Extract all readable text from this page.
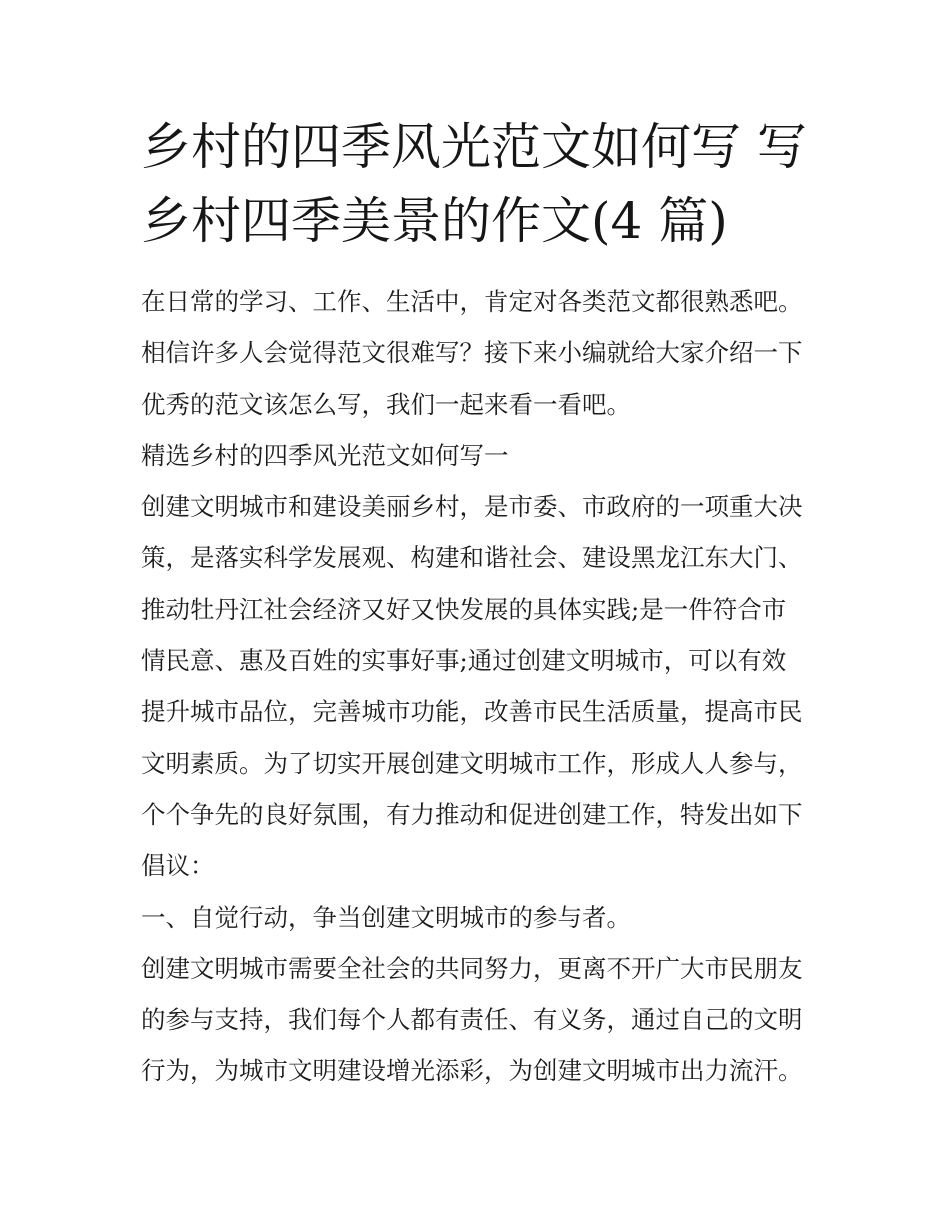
乡村的四季风光范文如何写 写
乡村四季美景的作文(4 篇)
在日常的学习、工作、生活中，肯定对各类范文都很熟悉吧。
相信许多人会觉得范文很难写？接下来小编就给大家介绍一下
优秀的范文该怎么写，我们一起来看一看吧。
精选乡村的四季风光范文如何写一
创建文明城市和建设美丽乡村，是市委、市政府的一项重大决
策，是落实科学发展观、构建和谐社会、建设黑龙江东大门、
推动牡丹江社会经济又好又快发展的具体实践;是一件符合市
情民意、惠及百姓的实事好事;通过创建文明城市，可以有效
提升城市品位，完善城市功能，改善市民生活质量，提高市民
文明素质。为了切实开展创建文明城市工作，形成人人参与，
个个争先的良好氛围，有力推动和促进创建工作，特发出如下
倡议：
一、自觉行动，争当创建文明城市的参与者。
创建文明城市需要全社会的共同努力，更离不开广大市民朋友
的参与支持，我们每个人都有责任、有义务，通过自己的文明
行为，为城市文明建设增光添彩，为创建文明城市出力流汗。
